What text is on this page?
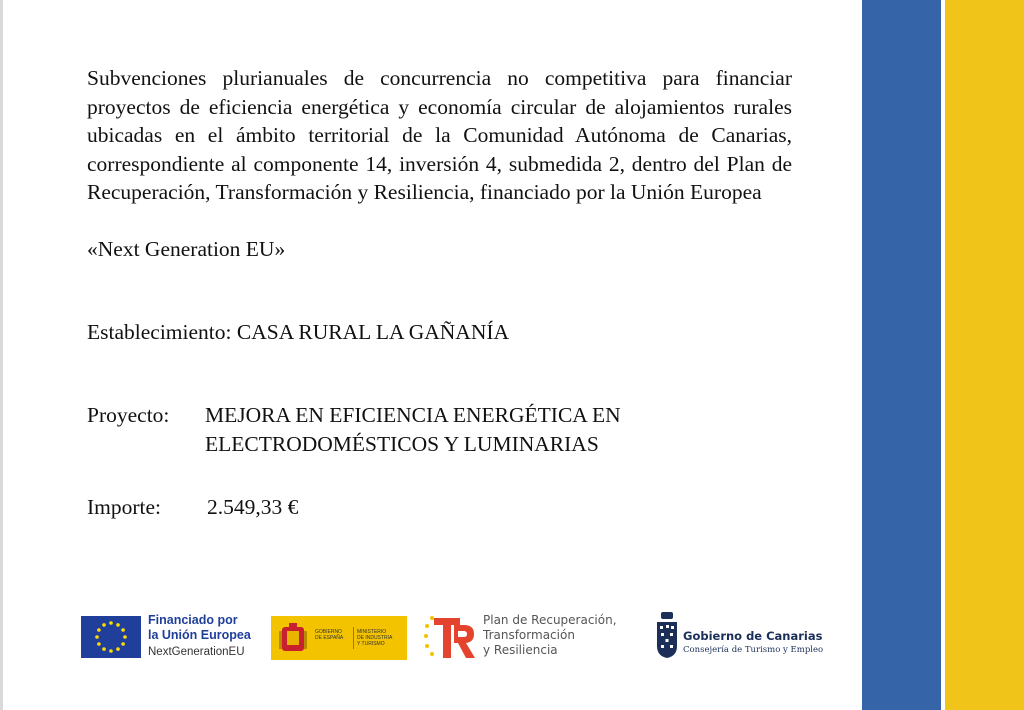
Subvenciones plurianuales de concurrencia no competitiva para financiar proyectos de eficiencia energética y economía circular de alojamientos rurales ubicadas en el ámbito territorial de la Comunidad Autónoma de Canarias, correspondiente al componente 14, inversión 4, submedida 2, dentro del Plan de Recuperación, Transformación y Resiliencia, financiado por la Unión Europea

«Next Generation EU»

Establecimiento: CASA RURAL LA GAÑANÍA
Proyecto: MEJORA EN EFICIENCIA ENERGÉTICA EN
ELECTRODOMÉSTICOS Y LUMINARIAS
Importe: 2.549,33 €
Financiado por
la Unión Europea
NextGenerationEU
GOBIERNO
DE ESPAÑA
MINISTERIO
DE INDUSTRIA
Y TURISMO
Plan de Recuperación,
Transformación
y Resiliencia
Gobierno de Canarias
Consejería de Turismo y Empleo
